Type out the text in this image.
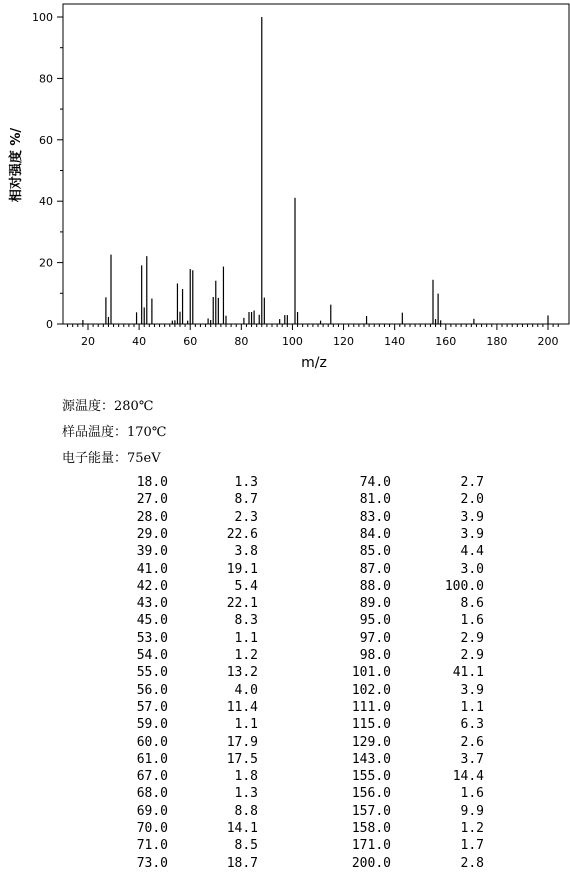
20	40	60	80	100	120	140	160	180	200
0
20
40
60
80
100
m/z
相对强度 %/
源温度：280℃
样品温度：170℃
电子能量：75eV
18.0	1.3	74.0	2.7
27.0	8.7	81.0	2.0
28.0	2.3	83.0	3.9
29.0	22.6	84.0	3.9
39.0	3.8	85.0	4.4
41.0	19.1	87.0	3.0
42.0	5.4	88.0	100.0
43.0	22.1	89.0	8.6
45.0	8.3	95.0	1.6
53.0	1.1	97.0	2.9
54.0	1.2	98.0	2.9
55.0	13.2	101.0	41.1
56.0	4.0	102.0	3.9
57.0	11.4	111.0	1.1
59.0	1.1	115.0	6.3
60.0	17.9	129.0	2.6
61.0	17.5	143.0	3.7
67.0	1.8	155.0	14.4
68.0	1.3	156.0	1.6
69.0	8.8	157.0	9.9
70.0	14.1	158.0	1.2
71.0	8.5	171.0	1.7
73.0	18.7	200.0	2.8
